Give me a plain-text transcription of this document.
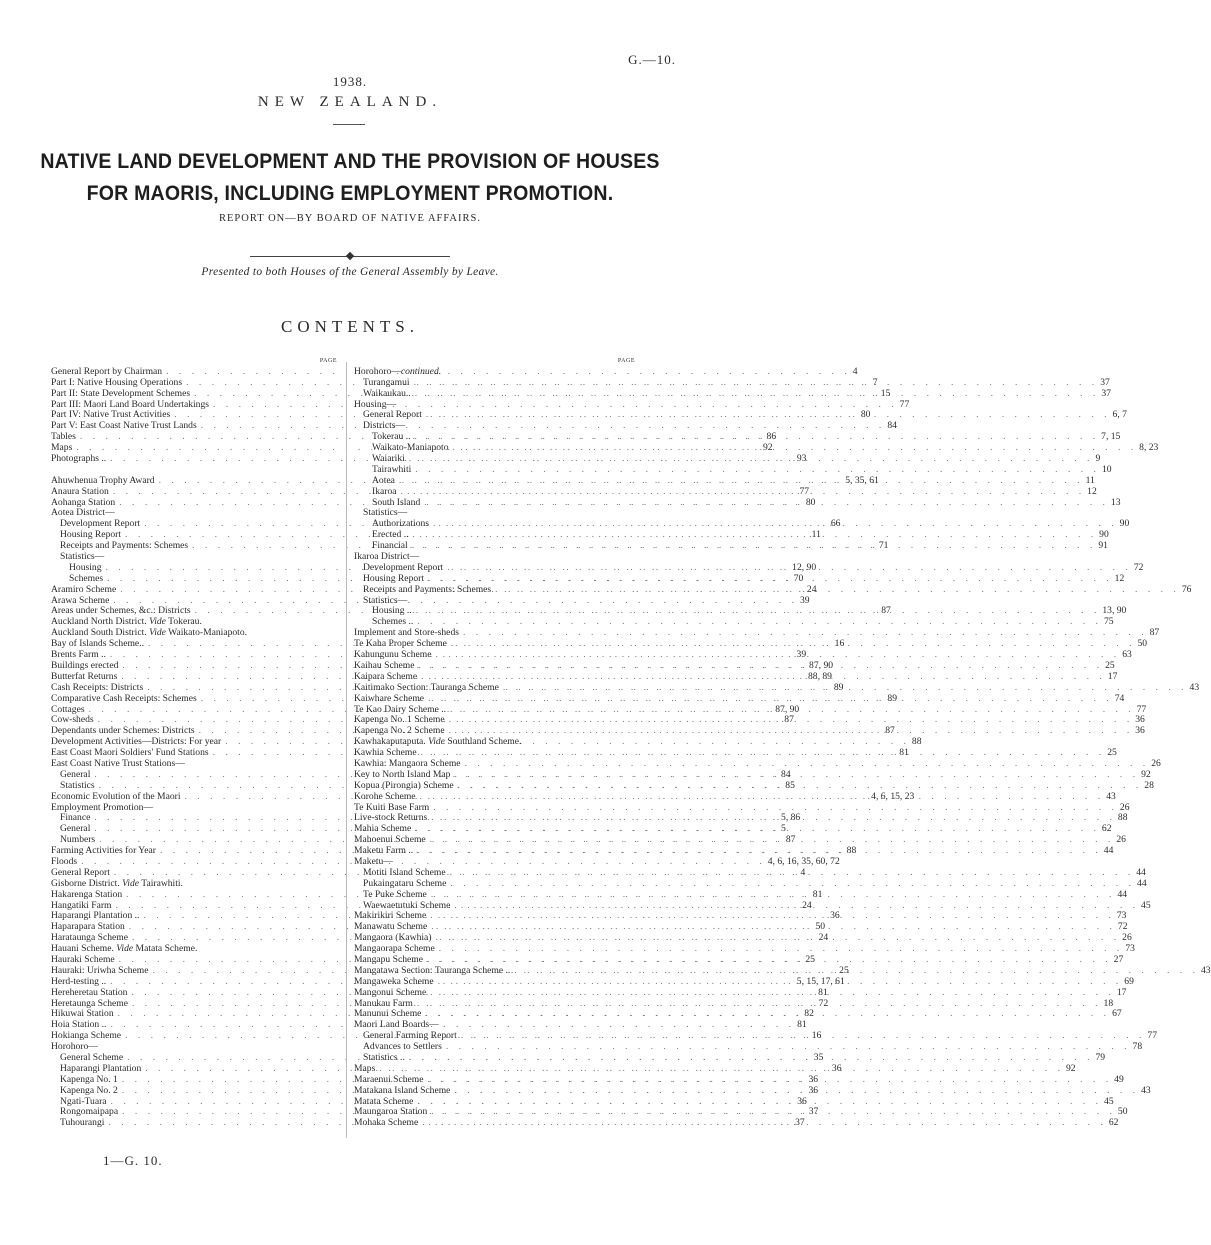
G.—10.
1938.
NEW ZEALAND.
NATIVE LAND DEVELOPMENT AND THE PROVISION OF HOUSES
FOR MAORIS, INCLUDING EMPLOYMENT PROMOTION.
REPORT ON—BY BOARD OF NATIVE AFFAIRS.
Presented to both Houses of the General Assembly by Leave.
CONTENTS.
PAGE
General Report by Chairman . . .	4
Part I: Native Housing Operations . . .	7
Part II: State Development Schemes . . .	15
Part III: Maori Land Board Undertakings . . .	77
Part IV: Native Trust Activities . . .	80
Part V: East Coast Native Trust Lands . . .	84
Tables . . .	86
Maps . . .	92
Photographs .. . . .	93
Ahuwhenua Trophy Award . . .	5, 35, 61
Anaura Station . . .	77
Aohanga Station . . .	80
Aotea District—
Development Report . . .	66
Housing Report . . .	11
Receipts and Payments: Schemes . . .	71
Statistics—
Housing . . .	12, 90
Schemes . . .	70
Aramiro Scheme . . .	24
Arawa Scheme . . .	39
Areas under Schemes, &c.: Districts . . .	87
Auckland North District. Vide Tokerau.
Auckland South District. Vide Waikato-Maniapoto.
Bay of Islands Scheme.. . . .	16
Brents Farm .. . . .	39
Buildings erected . . .	87, 90
Butterfat Returns . . .	88, 89
Cash Receipts: Districts . . .	89
Comparative Cash Receipts: Schemes . . .	89
Cottages . . .	87, 90
Cow-sheds . . .	87
Dependants under Schemes: Districts . . .	87
Development Activities—Districts: For year . . .	88
East Coast Maori Soldiers' Fund Stations . . .	81
East Coast Native Trust Stations—
General . . .	84
Statistics . . .	85
Economic Evolution of the Maori . . .	4, 6, 15, 23
Employment Promotion—
Finance . . .	5, 86
General . . .	5
Numbers . . .	87
Farming Activities for Year . . .	88
Floods . . .	4, 6, 16, 35, 60, 72
General Report . . .	4
Gisborne District. Vide Tairawhiti.
Hakarenga Station . . .	81
Hangatiki Farm . . .	24
Haparangi Plantation .. . . .	36
Haparapara Station . . .	50
Harataunga Scheme . . .	24
Hauani Scheme. Vide Matata Scheme.
Hauraki Scheme . . .	25
Hauraki: Uriwha Scheme . . .	25
Herd-testing .. . . .	5, 15, 17, 61
Hereheretau Station . . .	81
Heretaunga Scheme . . .	72
Hikuwai Station . . .	82
Hoia Station .. . . .	81
Hokianga Scheme . . .	16
Horohoro—
General Scheme . . .	35
Haparangi Plantation . . .	36
Kapenga No. 1 . . .	36
Kapenga No. 2 . . .	36
Ngati-Tuara . . .	36
Rongomaipapa . . .	37
Tuhourangi . . .	37
PAGE
Horohoro—continued.
Turangamui . . .	37
Waikaukau.. . . .	37
Housing—
General Report . . .	6, 7
Districts—
Tokerau .. . . .	7, 15
Waikato-Maniapoto . . .	8, 23
Waiariki . . .	9
Tairawhiti . . .	10
Aotea . . .	11
Ikaroa . . .	12
South Island . . .	13
Statistics—
Authorizations . . .	90
Erected .. . . .	90
Financial . . .	91
Ikaroa District—
Development Report . . .	72
Housing Report . . .	12
Receipts and Payments: Schemes . . .	76
Statistics—
Housing .. . . .	13, 90
Schemes .. . . .	75
Implement and Store-sheds . . .	87
Te Kaha Proper Scheme . . .	50
Kahungunu Scheme . . .	63
Kaihau Scheme . . .	25
Kaipara Scheme . . .	17
Kaitimako Section: Tauranga Scheme . . .	43
Kaiwhare Scheme . . .	74
Te Kao Dairy Scheme .. . . .	77
Kapenga No. 1 Scheme . . .	36
Kapenga No. 2 Scheme . . .	36
Kawhakaputaputa. Vide Southland Scheme.
Kawhia Scheme . . .	25
Kawhia: Mangaora Scheme . . .	26
Key to North Island Map . . .	92
Kopua (Pirongia) Scheme . . .	28
Korohe Scheme . . .	43
Te Kuiti Base Farm . . .	26
Live-stock Returns . . .	88
Mahia Scheme . . .	62
Mahoenui Scheme . . .	26
Maketu Farm .. . . .	44
Maketu—
Motiti Island Scheme . . .	44
Pukaingataru Scheme . . .	44
Te Puke Scheme . . .	44
Waewaetutuki Scheme . . .	45
Makirikiri Scheme . . .	73
Manawatu Scheme . . .	72
Mangaora (Kawhia) . . .	26
Mangaorapa Scheme . . .	73
Mangapu Scheme . . .	27
Mangatawa Section: Tauranga Scheme .. . . .	43
Mangaweka Scheme . . .	69
Mangonui Scheme . . .	17
Manukau Farm . . .	18
Manunui Scheme . . .	67
Maori Land Boards—
General Farming Report . . .	77
Advances to Settlers . . .	78
Statistics .. . . .	79
Maps . . .	92
Maraenui Scheme . . .	49
Matakana Island Scheme . . .	43
Matata Scheme . . .	45
Maungaroa Station . . .	50
Mohaka Scheme . . .	62
1—G. 10.
